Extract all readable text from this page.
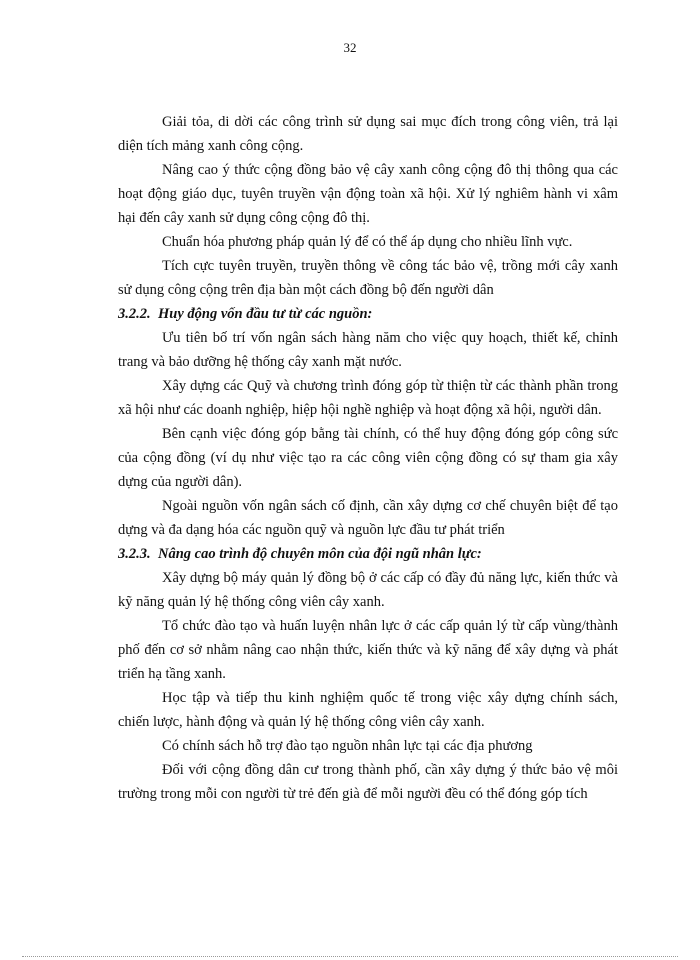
32

Giải tỏa, di dời các công trình sử dụng sai mục đích trong công viên, trả lại diện tích mảng xanh công cộng.

Nâng cao ý thức cộng đồng bảo vệ cây xanh công cộng đô thị thông qua các hoạt động giáo dục, tuyên truyền vận động toàn xã hội. Xử lý nghiêm hành vi xâm hại đến cây xanh sử dụng công cộng đô thị.

Chuẩn hóa phương pháp quản lý để có thể áp dụng cho nhiều lĩnh vực.

Tích cực tuyên truyền, truyền thông về công tác bảo vệ, trồng mới cây xanh sử dụng công cộng trên địa bàn một cách đồng bộ đến người dân

3.2.2. Huy động vốn đầu tư từ các nguồn:

Ưu tiên bố trí vốn ngân sách hàng năm cho việc quy hoạch, thiết kế, chỉnh trang và bảo dưỡng hệ thống cây xanh mặt nước.

Xây dựng các Quỹ và chương trình đóng góp từ thiện từ các thành phần trong xã hội như các doanh nghiệp, hiệp hội nghề nghiệp và hoạt động xã hội, người dân.

Bên cạnh việc đóng góp bằng tài chính, có thể huy động đóng góp công sức của cộng đồng (ví dụ như việc tạo ra các công viên cộng đồng có sự tham gia xây dựng của người dân).

Ngoài nguồn vốn ngân sách cố định, cần xây dựng cơ chế chuyên biệt để tạo dựng và đa dạng hóa các nguồn quỹ và nguồn lực đầu tư phát triển

3.2.3. Nâng cao trình độ chuyên môn của đội ngũ nhân lực:

Xây dựng bộ máy quản lý đồng bộ ở các cấp có đầy đủ năng lực, kiến thức và kỹ năng quản lý hệ thống công viên cây xanh.

Tổ chức đào tạo và huấn luyện nhân lực ở các cấp quản lý từ cấp vùng/thành phố đến cơ sở nhằm nâng cao nhận thức, kiến thức và kỹ năng để xây dựng và phát triển hạ tầng xanh.

Học tập và tiếp thu kinh nghiệm quốc tế trong việc xây dựng chính sách, chiến lược, hành động và quản lý hệ thống công viên cây xanh.

Có chính sách hỗ trợ đào tạo nguồn nhân lực tại các địa phương

Đối với cộng đồng dân cư trong thành phố, cần xây dựng ý thức bảo vệ môi trường trong mỗi con người từ trẻ đến già để mỗi người đều có thể đóng góp tích
